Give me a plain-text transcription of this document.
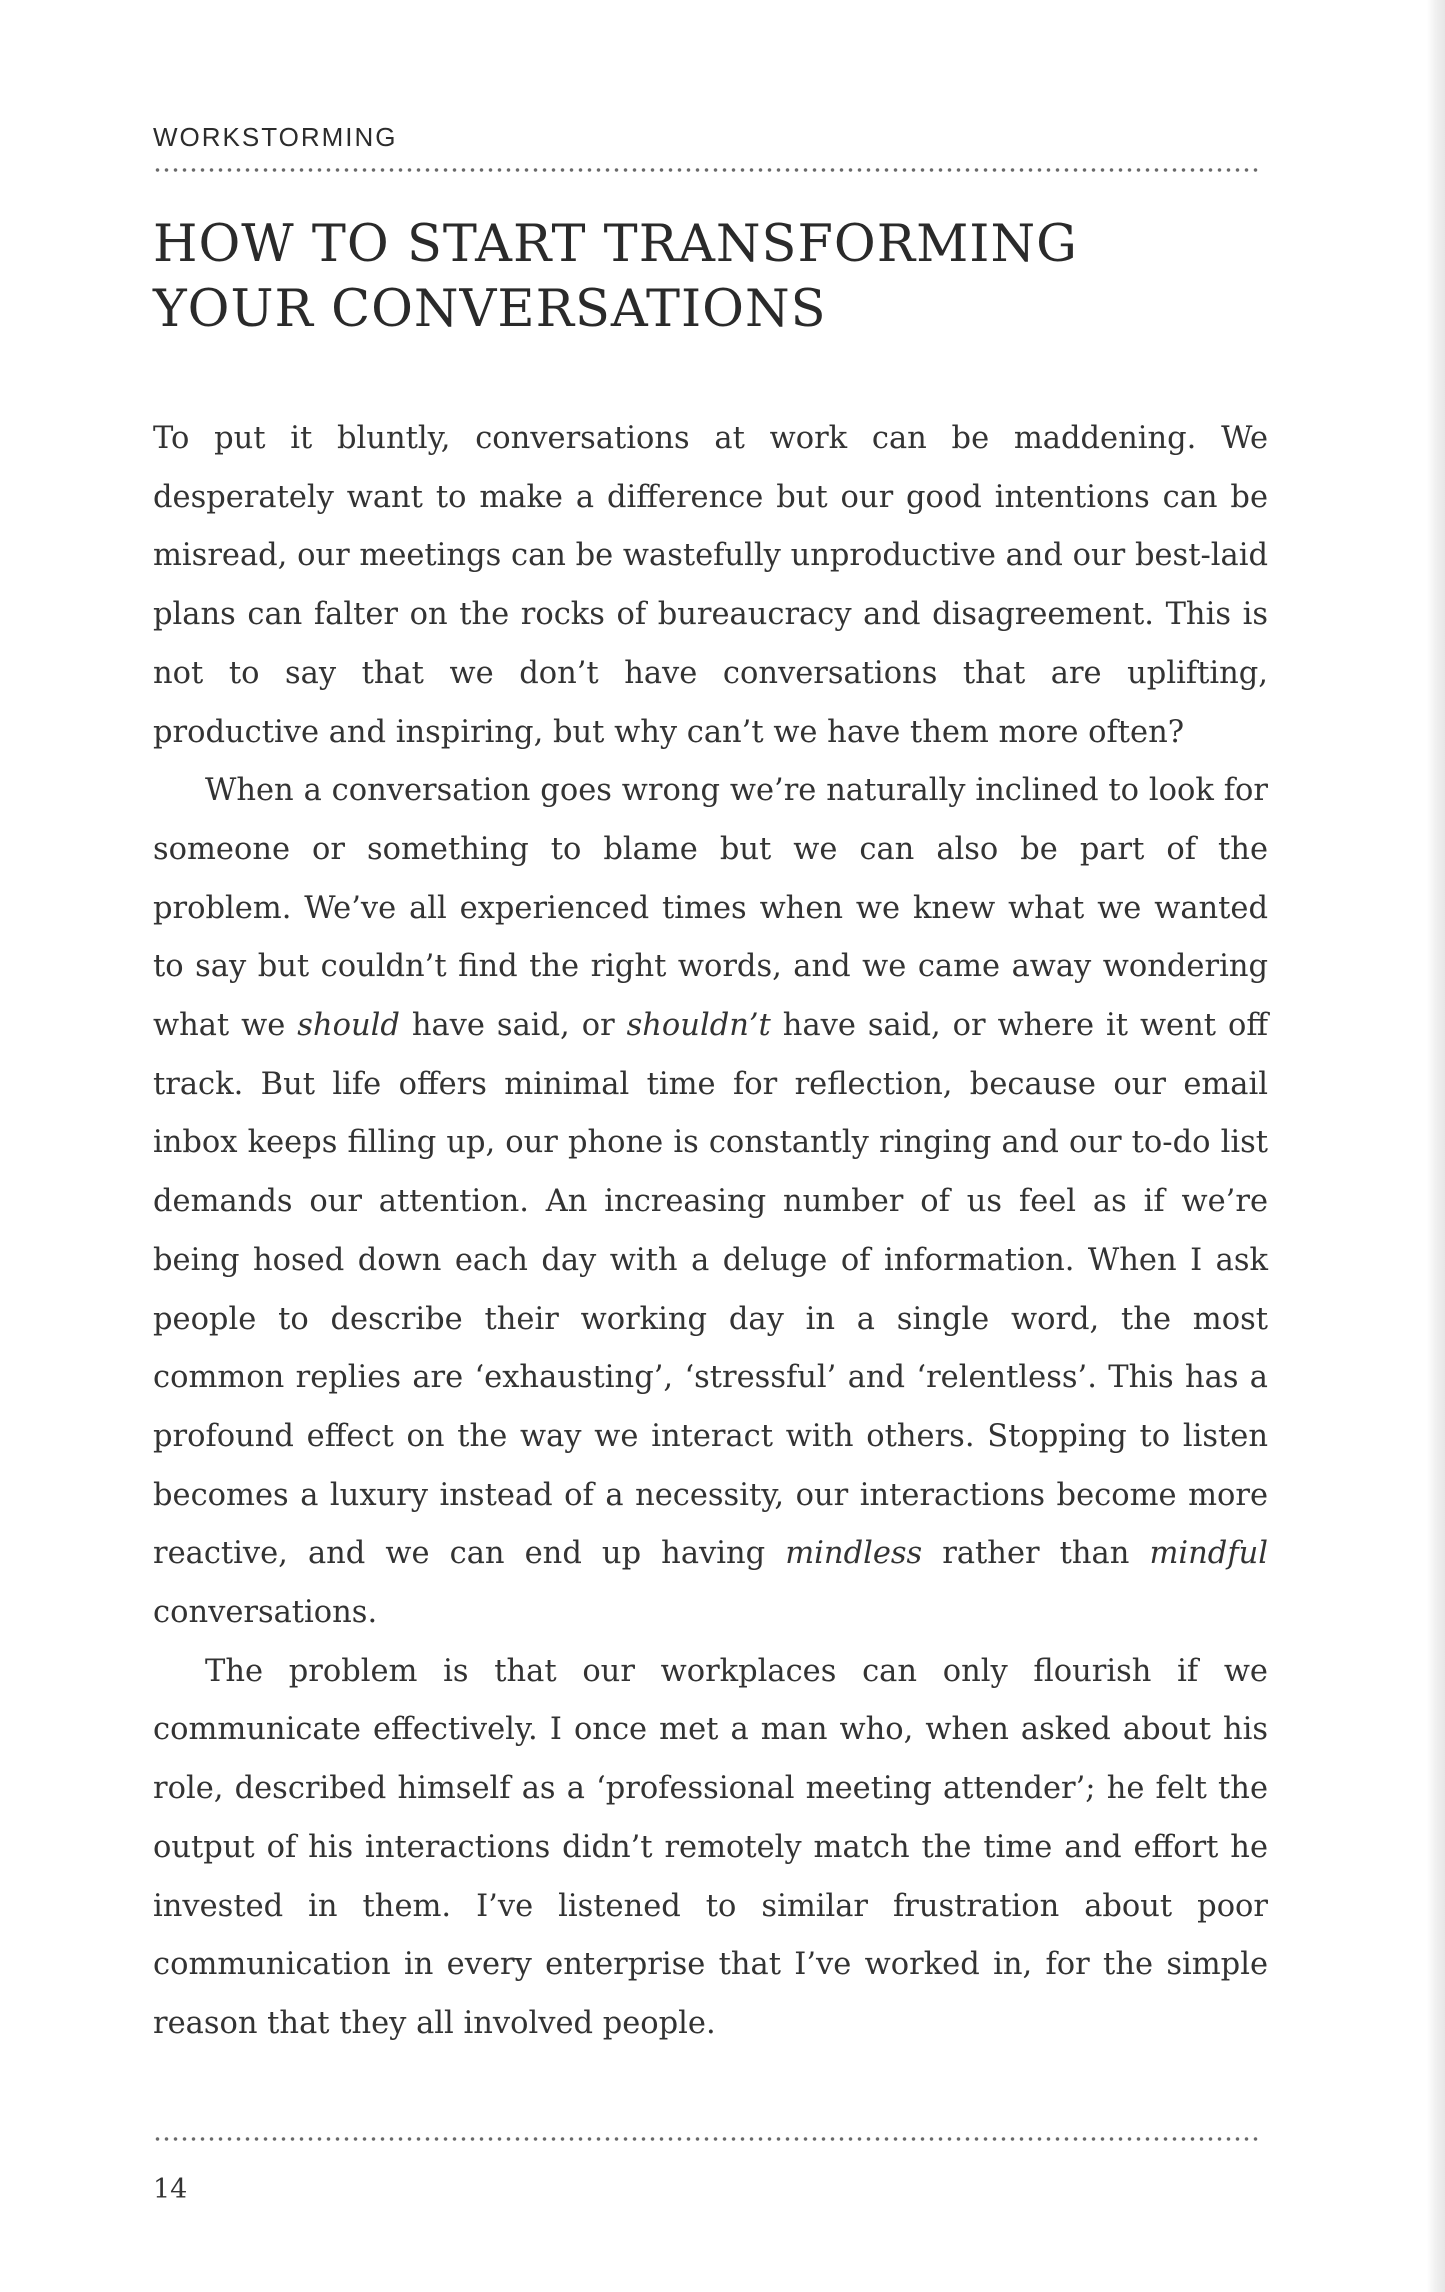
WORKSTORMING
HOW TO START TRANSFORMING
YOUR CONVERSATIONS

To put it bluntly, conversations at work can be maddening. We desperately want to make a difference but our good intentions can be misread, our meetings can be wastefully unproductive and our best-laid plans can falter on the rocks of bureaucracy and disagreement. This is not to say that we don’t have conversations that are uplifting, productive and inspiring, but why can’t we have them more often?

When a conversation goes wrong we’re naturally inclined to look for someone or something to blame but we can also be part of the problem. We’ve all experienced times when we knew what we wanted to say but couldn’t find the right words, and we came away wondering what we should have said, or shouldn’t have said, or where it went off track. But life offers minimal time for reflection, because our email inbox keeps filling up, our phone is constantly ringing and our to-do list demands our attention. An increasing number of us feel as if we’re being hosed down each day with a deluge of information. When I ask people to describe their working day in a single word, the most common replies are ‘exhausting’, ‘stressful’ and ‘relentless’. This has a profound effect on the way we interact with others. Stopping to listen becomes a luxury instead of a necessity, our interactions become more reactive, and we can end up having mindless rather than mindful conversations.

The problem is that our workplaces can only flourish if we communicate effectively. I once met a man who, when asked about his role, described himself as a ‘professional meeting attender’; he felt the output of his interactions didn’t remotely match the time and effort he invested in them. I’ve listened to similar frustration about poor communication in every enterprise that I’ve worked in, for the simple reason that they all involved people.

14
